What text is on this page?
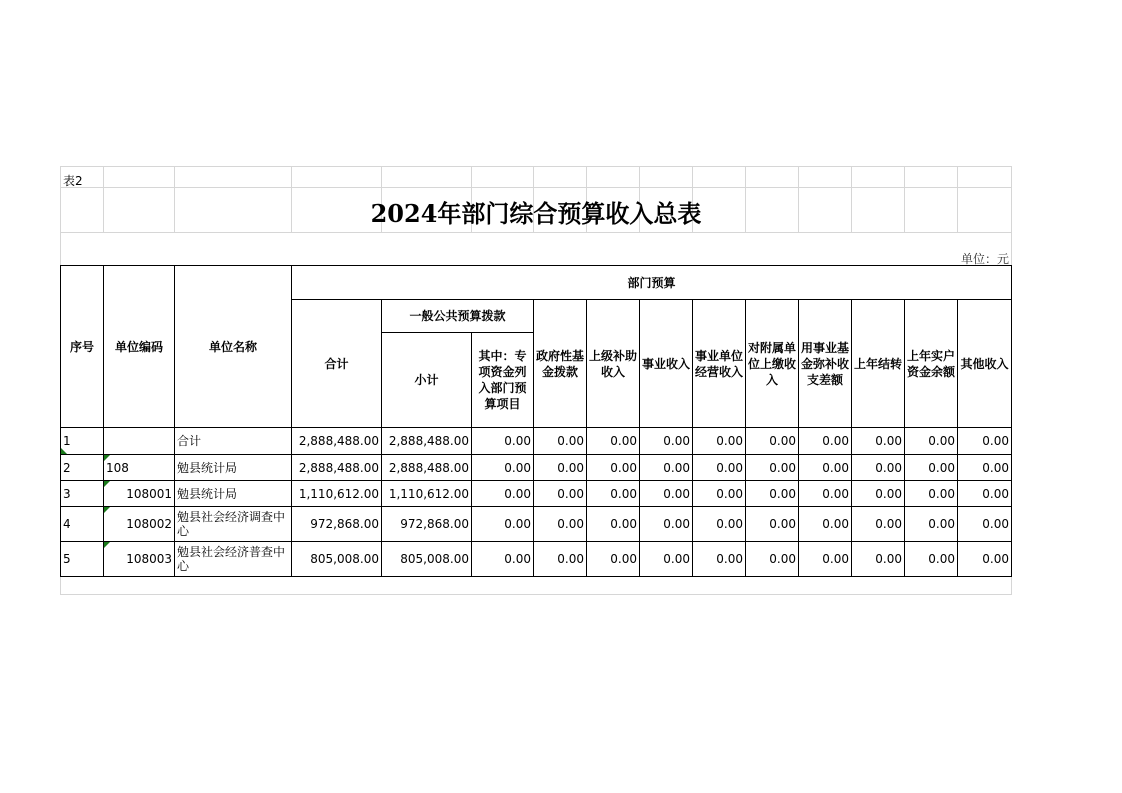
表2
2024年部门综合预算收入总表
单位：元
序号	单位编码	单位名称	部门预算											
			合计	一般公共预算拨款		政府性基金拨款	上级补助收入	事业收入	事业单位经营收入	对附属单位上缴收入	用事业基金弥补收支差额	上年结转	上年实户资金余额	其他收入
				小计	其中：专项资金列入部门预算项目									
1		合计	2,888,488.00	2,888,488.00	0.00	0.00	0.00	0.00	0.00	0.00	0.00	0.00	0.00	0.00
2	108	勉县统计局	2,888,488.00	2,888,488.00	0.00	0.00	0.00	0.00	0.00	0.00	0.00	0.00	0.00	0.00
3	108001	勉县统计局	1,110,612.00	1,110,612.00	0.00	0.00	0.00	0.00	0.00	0.00	0.00	0.00	0.00	0.00
4	108002	勉县社会经济调查中心	972,868.00	972,868.00	0.00	0.00	0.00	0.00	0.00	0.00	0.00	0.00	0.00	0.00
5	108003	勉县社会经济普查中心	805,008.00	805,008.00	0.00	0.00	0.00	0.00	0.00	0.00	0.00	0.00	0.00	0.00
